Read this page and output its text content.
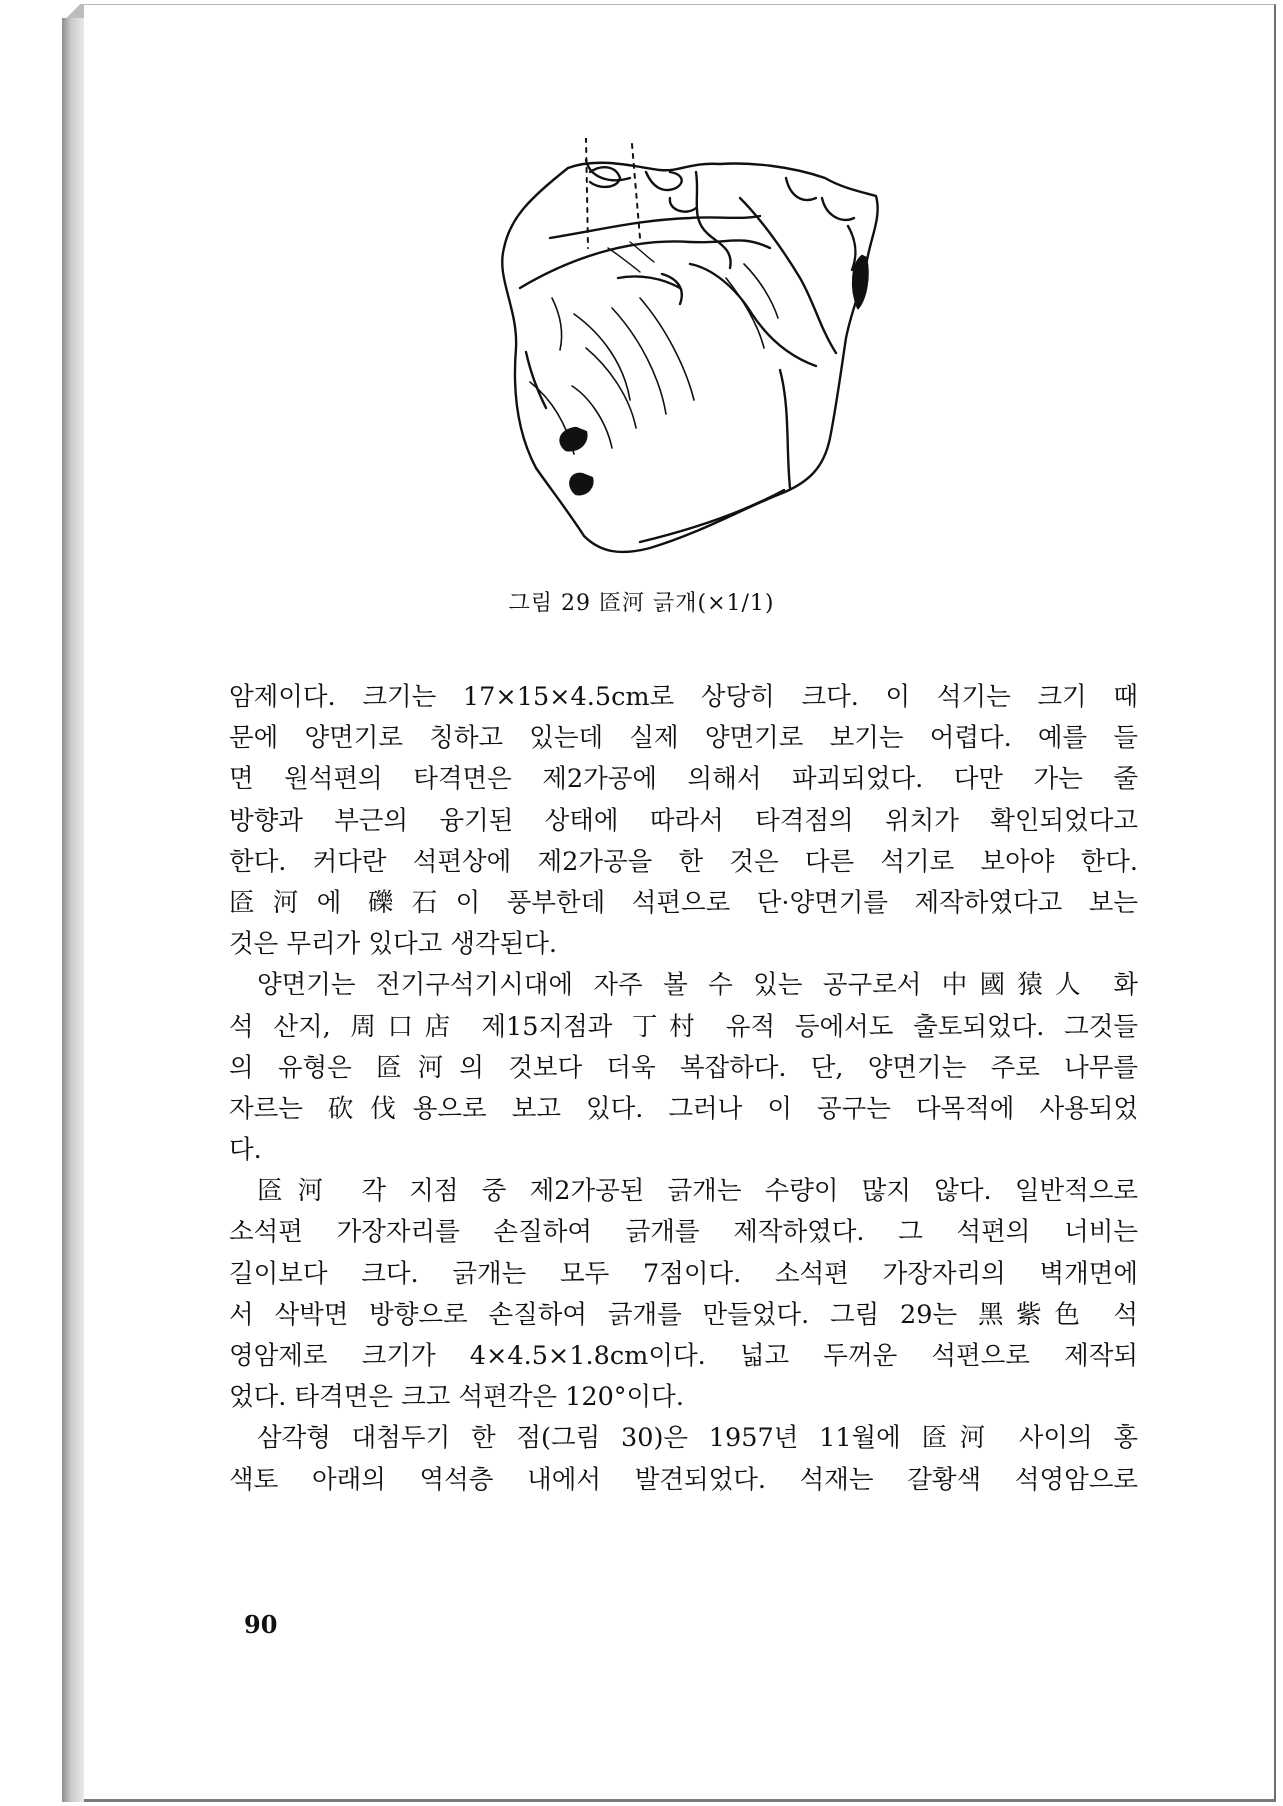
그림 29 匼河 긁개(×1/1)
암제이다. 크기는 17×15×4.5cm로 상당히 크다. 이 석기는 크기 때
문에 양면기로 칭하고 있는데 실제 양면기로 보기는 어렵다. 예를 들
면 원석편의 타격면은 제2가공에 의해서 파괴되었다. 다만 가는 줄
방향과 부근의 융기된 상태에 따라서 타격점의 위치가 확인되었다고
한다. 커다란 석편상에 제2가공을 한 것은 다른 석기로 보아야 한다.
匼河에 礫石이 풍부한데 석편으로 단·양면기를 제작하였다고 보는
것은 무리가 있다고 생각된다.
양면기는 전기구석기시대에 자주 볼 수 있는 공구로서 中國猿人 화
석 산지, 周口店 제15지점과 丁村 유적 등에서도 출토되었다. 그것들
의 유형은 匼河의 것보다 더욱 복잡하다. 단, 양면기는 주로 나무를
자르는 砍伐용으로 보고 있다. 그러나 이 공구는 다목적에 사용되었
다.
匼河 각 지점 중 제2가공된 긁개는 수량이 많지 않다. 일반적으로
소석편 가장자리를 손질하여 긁개를 제작하였다. 그 석편의 너비는
길이보다 크다. 긁개는 모두 7점이다. 소석편 가장자리의 벽개면에
서 삭박면 방향으로 손질하여 긁개를 만들었다. 그림 29는 黑紫色 석
영암제로 크기가 4×4.5×1.8cm이다. 넓고 두꺼운 석편으로 제작되
었다. 타격면은 크고 석편각은 120°이다.
삼각형 대첨두기 한 점(그림 30)은 1957년 11월에 匼河 사이의 홍
색토 아래의 역석층 내에서 발견되었다. 석재는 갈황색 석영암으로
90
